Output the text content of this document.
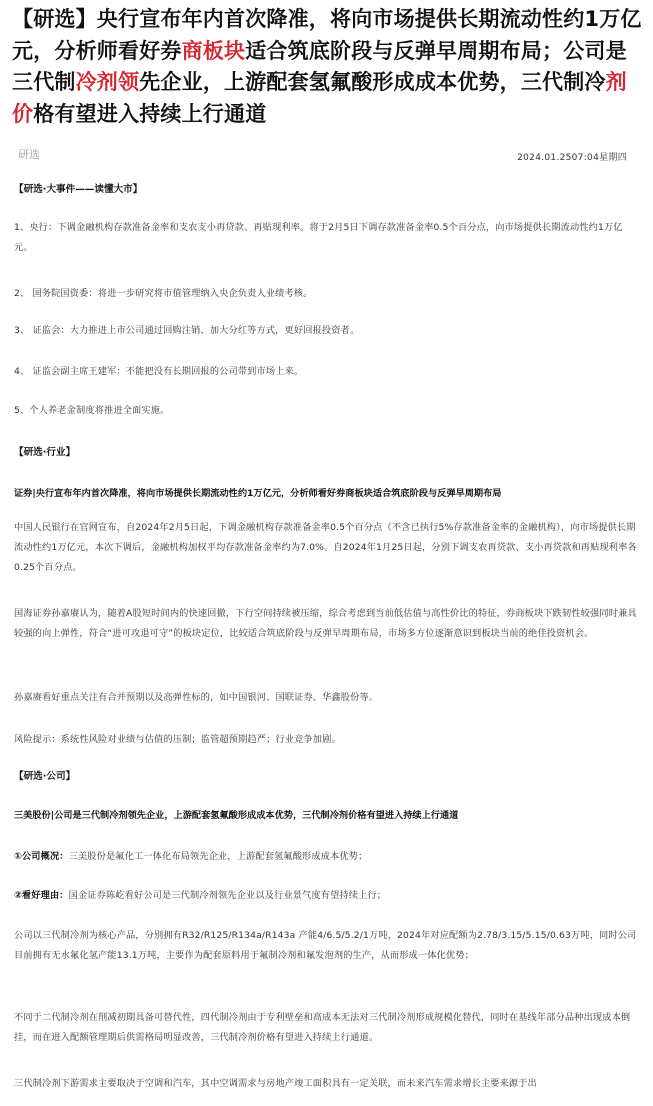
【研选】央行宣布年内首次降准，将向市场提供长期流动性约1万亿元，分析师看好券商板块适合筑底阶段与反弹早周期布局；公司是三代制冷剂领先企业，上游配套氢氟酸形成成本优势，三代制冷剂价格有望进入持续上行通道
研选	2024.01.2507:04星期四
【研选·大事件——读懂大市】
1、央行：下调金融机构存款准备金率和支农支小再贷款、再贴现利率。将于2月5日下调存款准备金率0.5个百分点，向市场提供长期流动性约1万亿元。
2、 国务院国资委：将进一步研究将市值管理纳入央企负责人业绩考核。
3、 证监会：大力推进上市公司通过回购注销、加大分红等方式，更好回报投资者。
4、 证监会副主席王建军：不能把没有长期回报的公司带到市场上来。
5、个人养老金制度将推进全面实施。
【研选·行业】
证券|央行宣布年内首次降准，将向市场提供长期流动性约1万亿元，分析师看好券商板块适合筑底阶段与反弹早周期布局
中国人民银行在官网宣布，自2024年2月5日起，下调金融机构存款准备金率0.5个百分点（不含已执行5%存款准备金率的金融机构），向市场提供长期流动性约1万亿元，本次下调后，金融机构加权平均存款准备金率约为7.0%。自2024年1月25日起，分别下调支农再贷款、支小再贷款和再贴现利率各0.25个百分点。
国海证券孙嘉赓认为，随着A股短时间内的快速回撤，下行空间持续被压缩，综合考虑到当前低估值与高性价比的特征，券商板块下跌韧性较强同时兼具较强的向上弹性，符合“进可攻退可守”的板块定位，比较适合筑底阶段与反弹早周期布局，市场多方位逐渐意识到板块当前的绝佳投资机会。
孙嘉赓看好重点关注有合并预期以及高弹性标的，如中国银河、国联证券、华鑫股份等。
风险提示：系统性风险对业绩与估值的压制；监管超预期趋严；行业竞争加剧。
【研选·公司】
三美股份|公司是三代制冷剂领先企业，上游配套氢氟酸形成成本优势，三代制冷剂价格有望进入持续上行通道
①公司概况：三美股份是氟化工一体化布局领先企业，上游配套氢氟酸形成成本优势；
②看好理由：国金证券陈屹看好公司是三代制冷剂领先企业以及行业景气度有望持续上行；
公司以三代制冷剂为核心产品，分别拥有R32/R125/R134a/R143a 产能4/6.5/5.2/1万吨，2024年对应配额为2.78/3.15/5.15/0.63万吨，同时公司目前拥有无水氟化氢产能13.1万吨，主要作为配套原料用于氟制冷剂和氟发泡剂的生产，从而形成一体化优势；
不同于二代制冷剂在削减初期具备可替代性，四代制冷剂由于专利壁垒和高成本无法对三代制冷剂形成规模化替代，同时在基线年部分品种出现成本倒挂，而在进入配额管理期后供需格局明显改善，三代制冷剂价格有望进入持续上行通道。
三代制冷剂下游需求主要取决于空调和汽车，其中空调需求与房地产竣工面积具有一定关联，而未来汽车需求增长主要来源于出
